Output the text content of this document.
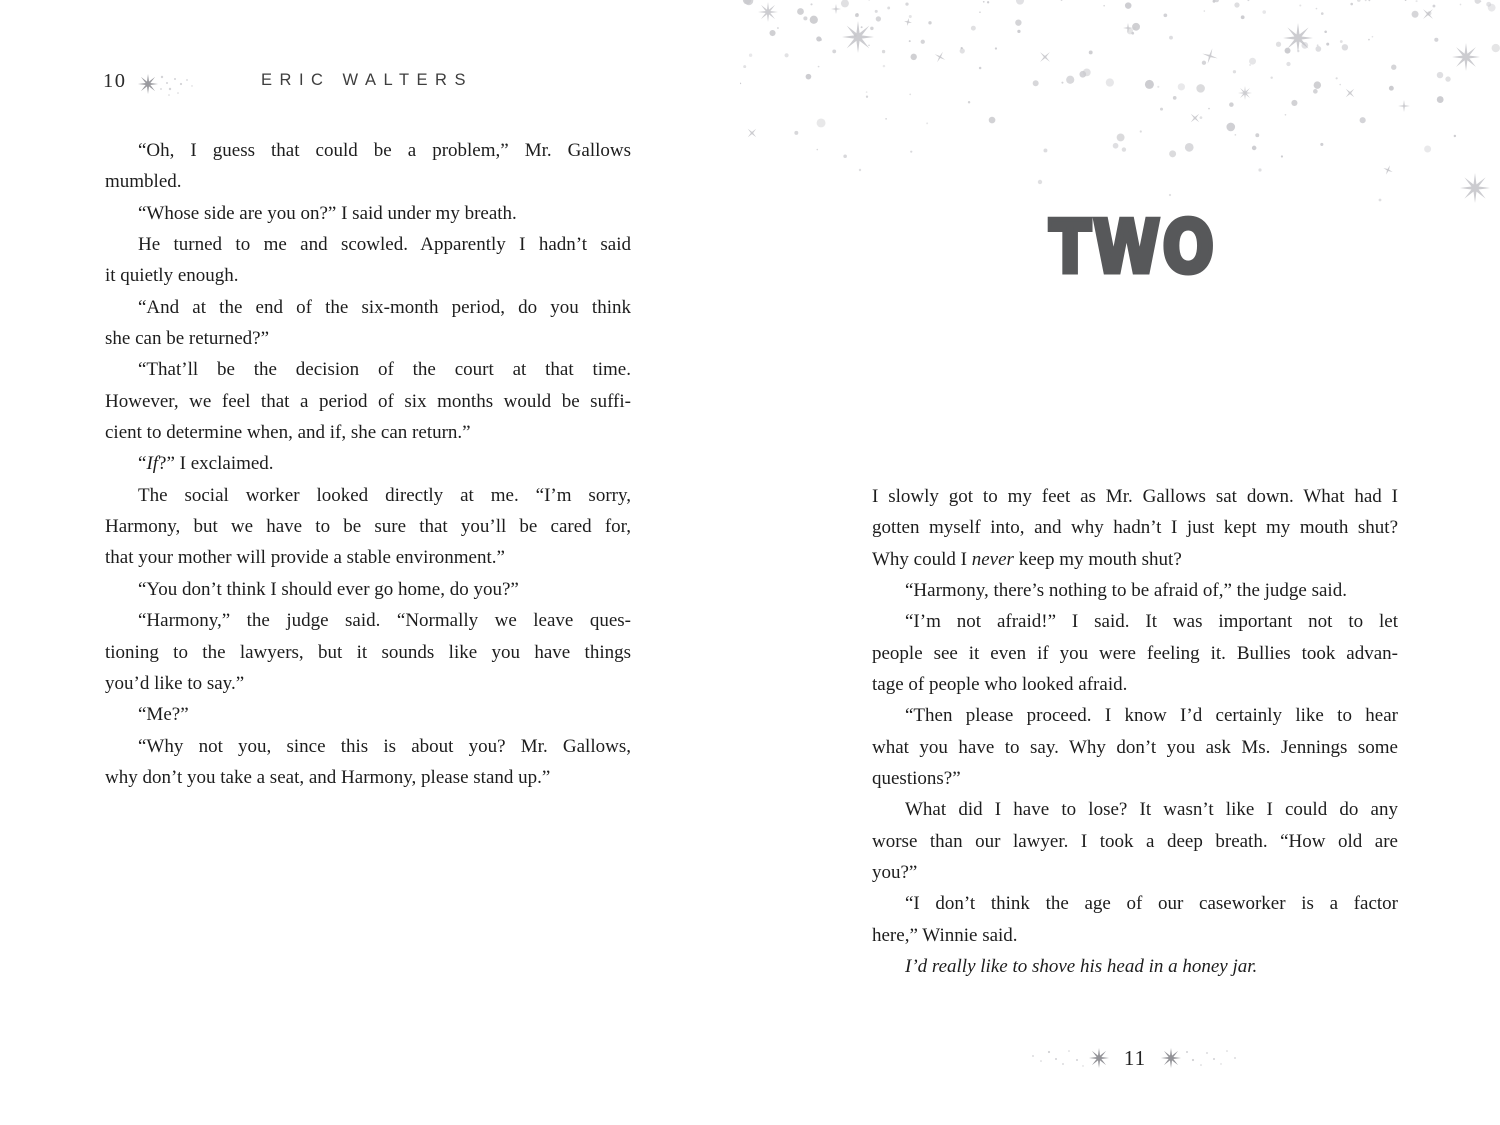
10	ERIC WALTERS
“Oh, I guess that could be a problem,” Mr. Gallows
mumbled.
“Whose side are you on?” I said under my breath.
He turned to me and scowled. Apparently I hadn’t said
it quietly enough.
“And at the end of the six-month period, do you think
she can be returned?”
“That’ll be the decision of the court at that time.
However, we feel that a period of six months would be suffi-
cient to determine when, and if, she can return.”
“If?” I exclaimed.
The social worker looked directly at me. “I’m sorry,
Harmony, but we have to be sure that you’ll be cared for,
that your mother will provide a stable environment.”
“You don’t think I should ever go home, do you?”
“Harmony,” the judge said. “Normally we leave ques-
tioning to the lawyers, but it sounds like you have things
you’d like to say.”
“Me?”
“Why not you, since this is about you? Mr. Gallows,
why don’t you take a seat, and Harmony, please stand up.”
TWO
I slowly got to my feet as Mr. Gallows sat down. What had I
gotten myself into, and why hadn’t I just kept my mouth shut?
Why could I never keep my mouth shut?
“Harmony, there’s nothing to be afraid of,” the judge said.
“I’m not afraid!” I said. It was important not to let
people see it even if you were feeling it. Bullies took advan-
tage of people who looked afraid.
“Then please proceed. I know I’d certainly like to hear
what you have to say. Why don’t you ask Ms. Jennings some
questions?”
What did I have to lose? It wasn’t like I could do any
worse than our lawyer. I took a deep breath. “How old are
you?”
“I don’t think the age of our caseworker is a factor
here,” Winnie said.
I’d really like to shove his head in a honey jar.
11
